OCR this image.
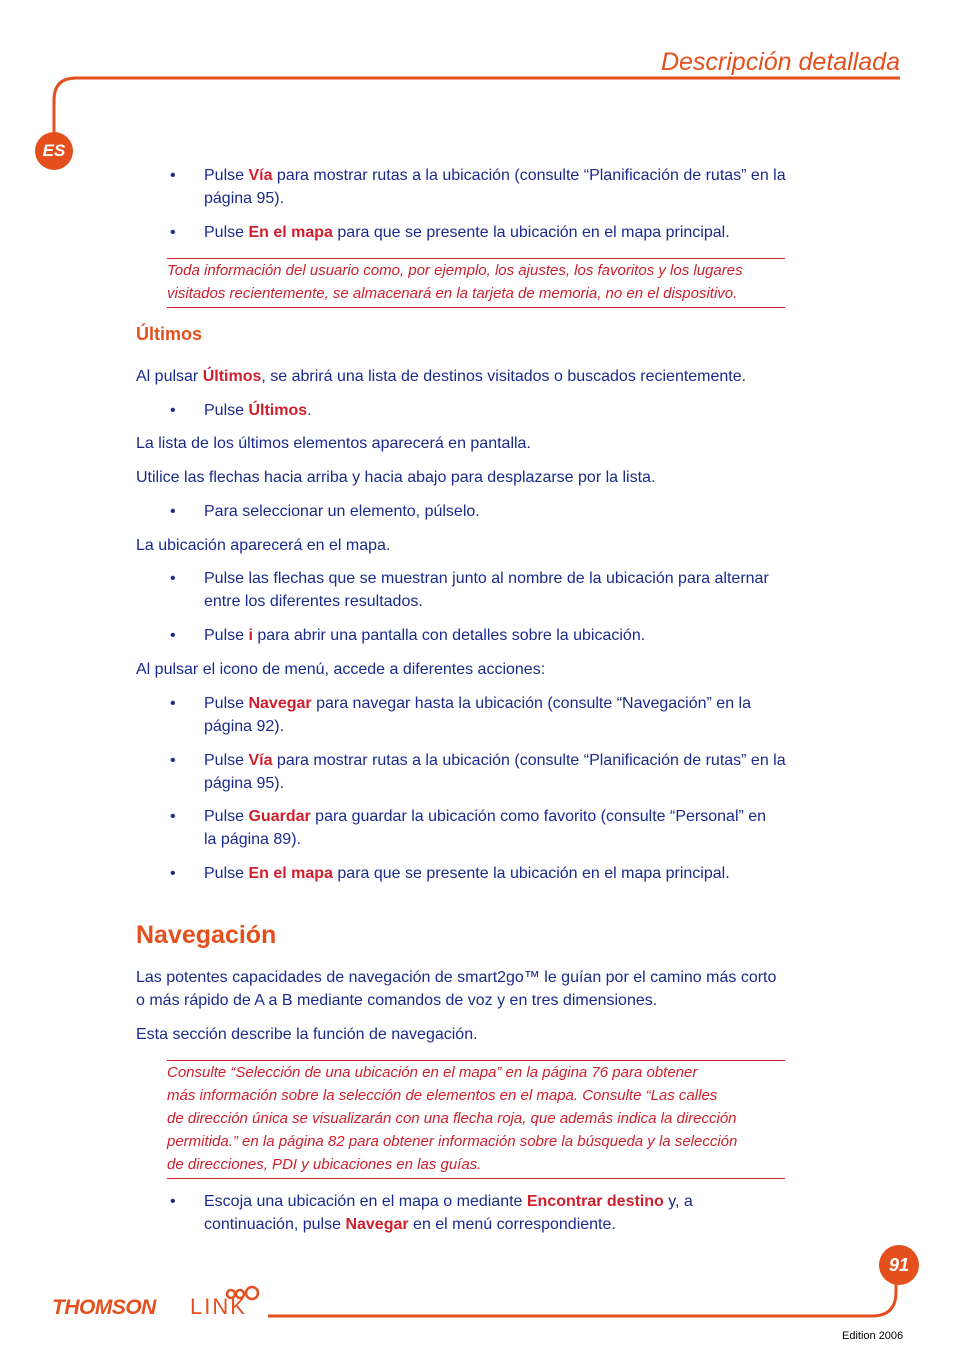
Descripción detallada
ES
• Pulse Vía para mostrar rutas a la ubicación (consulte “Planificación de rutas” en la
página 95).
• Pulse En el mapa para que se presente la ubicación en el mapa principal.
Toda información del usuario como, por ejemplo, los ajustes, los favoritos y los lugares
visitados recientemente, se almacenará en la tarjeta de memoria, no en el dispositivo.
Últimos
Al pulsar Últimos, se abrirá una lista de destinos visitados o buscados recientemente.
• Pulse Últimos.
La lista de los últimos elementos aparecerá en pantalla.
Utilice las flechas hacia arriba y hacia abajo para desplazarse por la lista.
• Para seleccionar un elemento, púlselo.
La ubicación aparecerá en el mapa.
• Pulse las flechas que se muestran junto al nombre de la ubicación para alternar
entre los diferentes resultados.
• Pulse i para abrir una pantalla con detalles sobre la ubicación.
Al pulsar el icono de menú, accede a diferentes acciones:
• Pulse Navegar para navegar hasta la ubicación (consulte “Navegación” en la
página 92).
• Pulse Vía para mostrar rutas a la ubicación (consulte “Planificación de rutas” en la
página 95).
• Pulse Guardar para guardar la ubicación como favorito (consulte “Personal” en
la página 89).
• Pulse En el mapa para que se presente la ubicación en el mapa principal.
Navegación
Las potentes capacidades de navegación de smart2go™ le guían por el camino más corto
o más rápido de A a B mediante comandos de voz y en tres dimensiones.
Esta sección describe la función de navegación.
Consulte “Selección de una ubicación en el mapa” en la página 76 para obtener
más información sobre la selección de elementos en el mapa. Consulte “Las calles
de dirección única se visualizarán con una flecha roja, que además indica la dirección
permitida.” en la página 82 para obtener información sobre la búsqueda y la selección
de direcciones, PDI y ubicaciones en las guías.
• Escoja una ubicación en el mapa o mediante Encontrar destino y, a
continuación, pulse Navegar en el menú correspondiente.
91
THOMSON LINK
Edition 2006
